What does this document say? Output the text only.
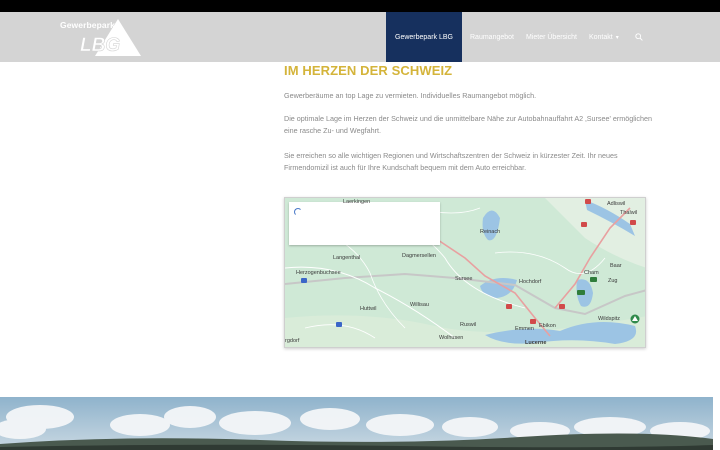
Gewerbepark
LBG	Gewerbepark LBG Raumangebot Mieter Übersicht Kontakt ▾
IM HERZEN DER SCHWEIZ

Gewerberäume an top Lage zu vermieten. Individuelles Raumangebot möglich.

Die optimale Lage im Herzen der Schweiz und die unmittelbare Nähe zur Autobahnauffahrt A2 ‚Sursee' ermöglichen eine rasche Zu- und Wegfahrt.

Sie erreichen so alle wichtigen Regionen und Wirtschaftszentren der Schweiz in kürzester Zeit. Ihr neues Firmendomizil ist auch für Ihre Kundschaft bequem mit dem Auto erreichbar.

Laerkingen
Langenthal
Herzogenbuchsee
Dagmersellen
Reinach
Adliswil
Thalwil
Baar
Cham
Zug
Sursee	Hochdorf
Willisau
Huttwil
Ruswil
Emmen Ebikon
Wolhusen
Lucerne
Wildspitz
rgdorf
